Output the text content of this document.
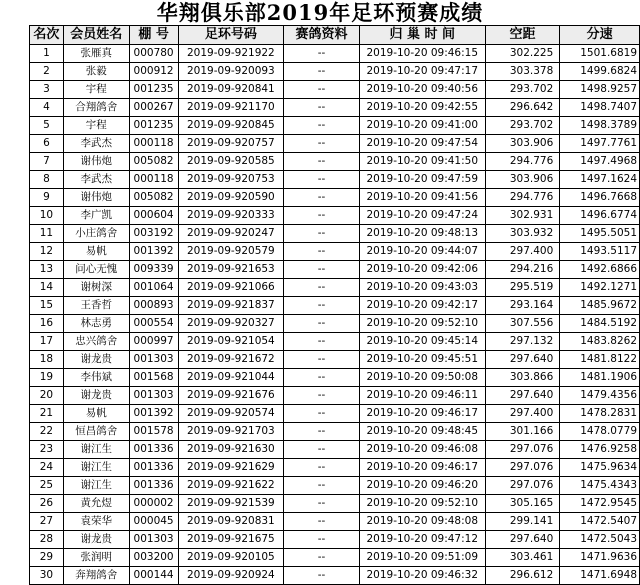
华翔俱乐部2019年足环预赛成绩
名次	会员姓名	棚 号	足环号码	赛鸽资料	归 巢 时 间	空距	分速
1	张雁真	000780	2019-09-921922	--	2019-10-20 09:46:15	302.225	1501.6819
2	张毅	000912	2019-09-920093	--	2019-10-20 09:47:17	303.378	1499.6824
3	宇程	001235	2019-09-920841	--	2019-10-20 09:40:56	293.702	1498.9257
4	合翔鸽舍	000267	2019-09-921170	--	2019-10-20 09:42:55	296.642	1498.7407
5	宇程	001235	2019-09-920845	--	2019-10-20 09:41:00	293.702	1498.3789
6	李武杰	000118	2019-09-920757	--	2019-10-20 09:47:54	303.906	1497.7761
7	谢伟炮	005082	2019-09-920585	--	2019-10-20 09:41:50	294.776	1497.4968
8	李武杰	000118	2019-09-920753	--	2019-10-20 09:47:59	303.906	1497.1624
9	谢伟炮	005082	2019-09-920590	--	2019-10-20 09:41:56	294.776	1496.7668
10	李广凯	000604	2019-09-920333	--	2019-10-20 09:47:24	302.931	1496.6774
11	小庄鸽舍	003192	2019-09-920247	--	2019-10-20 09:48:13	303.932	1495.5051
12	易帆	001392	2019-09-920579	--	2019-10-20 09:44:07	297.400	1493.5117
13	问心无愧	009339	2019-09-921653	--	2019-10-20 09:42:06	294.216	1492.6866
14	谢树深	001064	2019-09-921066	--	2019-10-20 09:43:03	295.519	1492.1271
15	王香哲	000893	2019-09-921837	--	2019-10-20 09:42:17	293.164	1485.9672
16	林志勇	000554	2019-09-920327	--	2019-10-20 09:52:10	307.556	1484.5192
17	忠兴鸽舍	000997	2019-09-921054	--	2019-10-20 09:45:14	297.132	1483.8262
18	谢龙贵	001303	2019-09-921672	--	2019-10-20 09:45:51	297.640	1481.8122
19	李伟斌	001568	2019-09-921044	--	2019-10-20 09:50:08	303.866	1481.1906
20	谢龙贵	001303	2019-09-921676	--	2019-10-20 09:46:11	297.640	1479.4356
21	易帆	001392	2019-09-920574	--	2019-10-20 09:46:17	297.400	1478.2831
22	恒昌鸽舍	001578	2019-09-921703	--	2019-10-20 09:48:45	301.166	1478.0779
23	谢江生	001336	2019-09-921630	--	2019-10-20 09:46:08	297.076	1476.9258
24	谢江生	001336	2019-09-921629	--	2019-10-20 09:46:17	297.076	1475.9634
25	谢江生	001336	2019-09-921622	--	2019-10-20 09:46:20	297.076	1475.4343
26	黄允煜	000002	2019-09-921539	--	2019-10-20 09:52:10	305.165	1472.9545
27	袁荣华	000045	2019-09-920831	--	2019-10-20 09:48:08	299.141	1472.5407
28	谢龙贵	001303	2019-09-921675	--	2019-10-20 09:47:12	297.640	1472.5043
29	张润明	003200	2019-09-920105	--	2019-10-20 09:51:09	303.461	1471.9636
30	奔翔鸽舍	000144	2019-09-920924	--	2019-10-20 09:46:32	296.612	1471.6948
